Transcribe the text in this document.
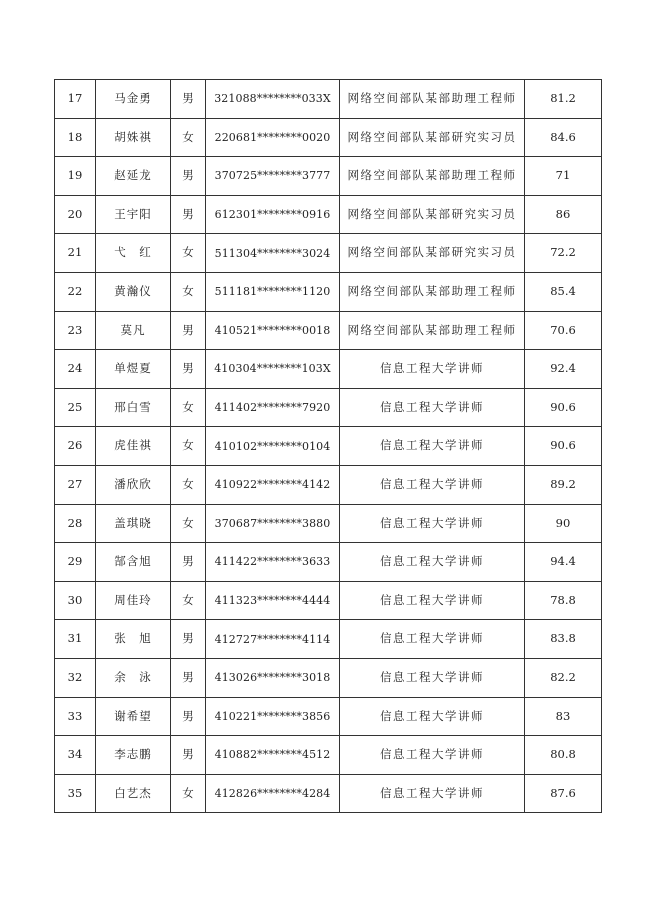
17	马金勇	男	321088********033X	网络空间部队某部助理工程师	81.2
18	胡姝祺	女	220681********0020	网络空间部队某部研究实习员	84.6
19	赵延龙	男	370725********3777	网络空间部队某部助理工程师	71
20	王宇阳	男	612301********0916	网络空间部队某部研究实习员	86
21	弋　红	女	511304********3024	网络空间部队某部研究实习员	72.2
22	黄瀚仪	女	511181********1120	网络空间部队某部助理工程师	85.4
23	莫凡	男	410521********0018	网络空间部队某部助理工程师	70.6
24	单煜夏	男	410304********103X	信息工程大学讲师	92.4
25	邢白雪	女	411402********7920	信息工程大学讲师	90.6
26	虎佳祺	女	410102********0104	信息工程大学讲师	90.6
27	潘欣欣	女	410922********4142	信息工程大学讲师	89.2
28	盖琪晓	女	370687********3880	信息工程大学讲师	90
29	郜含旭	男	411422********3633	信息工程大学讲师	94.4
30	周佳玲	女	411323********4444	信息工程大学讲师	78.8
31	张　旭	男	412727********4114	信息工程大学讲师	83.8
32	余　泳	男	413026********3018	信息工程大学讲师	82.2
33	谢希望	男	410221********3856	信息工程大学讲师	83
34	李志鹏	男	410882********4512	信息工程大学讲师	80.8
35	白艺杰	女	412826********4284	信息工程大学讲师	87.6
